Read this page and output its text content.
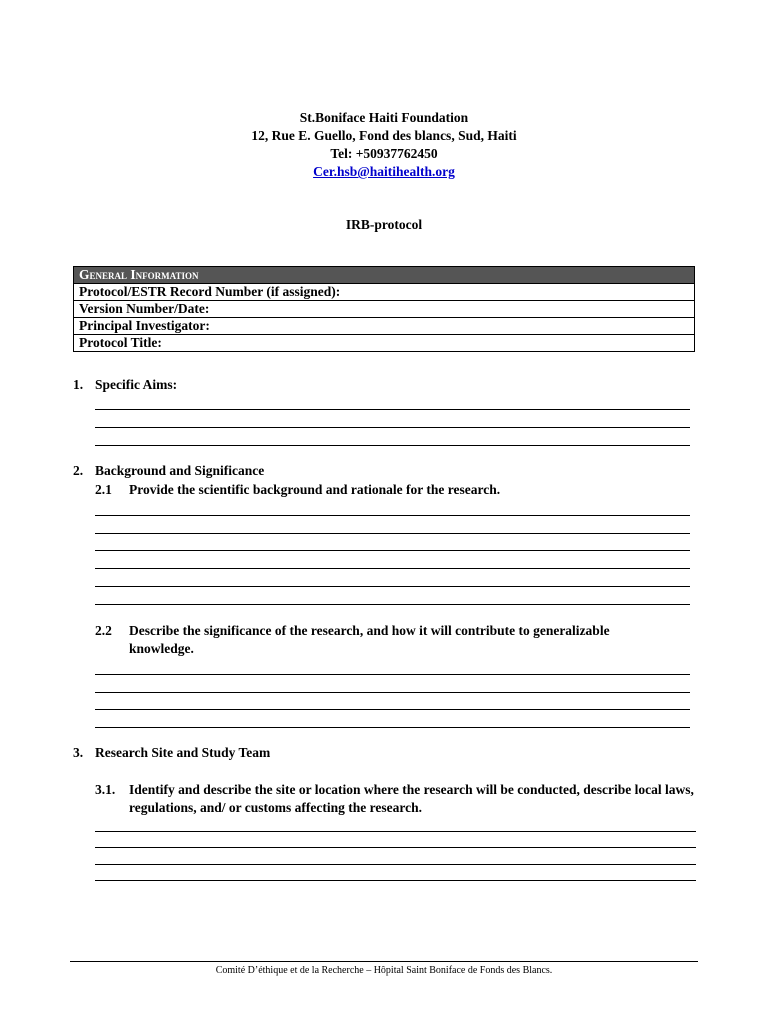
St.Boniface Haiti Foundation
12, Rue E. Guello, Fond des blancs, Sud, Haiti
Tel: +50937762450
Cer.hsb@haitihealth.org
IRB-protocol
General Information
Protocol/ESTR Record Number (if assigned):
Version Number/Date:
Principal Investigator:
Protocol Title:
1. Specific Aims:
2. Background and Significance
2.1 Provide the scientific background and rationale for the research.
2.2 Describe the significance of the research, and how it will contribute to generalizable knowledge.
3. Research Site and Study Team
3.1. Identify and describe the site or location where the research will be conducted, describe local laws, regulations, and/ or customs affecting the research.
Comité D’éthique et de la Recherche – Hôpital Saint Boniface de Fonds des Blancs.
